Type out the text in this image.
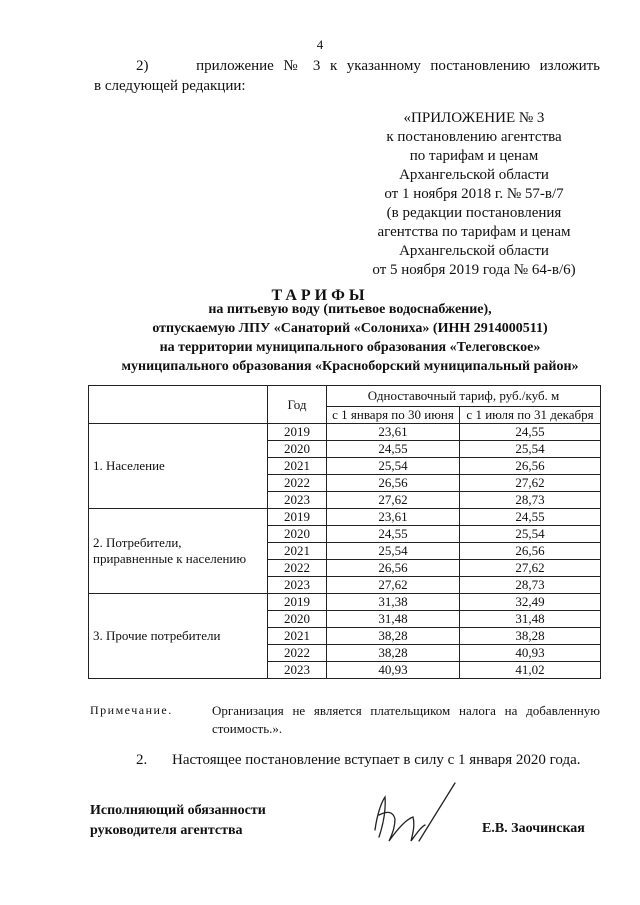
4
2)	приложение № 3 к указанному постановлению изложить
в следующей редакции:
«ПРИЛОЖЕНИЕ № 3
к постановлению агентства
по тарифам и ценам
Архангельской области
от 1 ноября 2018 г. № 57-в/7
(в редакции постановления
агентства по тарифам и ценам
Архангельской области
от 5 ноября 2019 года № 64-в/6)
ТАРИФЫ
на питьевую воду (питьевое водоснабжение),
отпускаемую ЛПУ «Санаторий «Солониха» (ИНН 2914000511)
на территории муниципального образования «Телеговское»
муниципального образования «Красноборский муниципальный район»
	Год	Одноставочный тариф, руб./куб. м	
		с 1 января по 30 июня	с 1 июля по 31 декабря

1. Население	2019	23,61	24,55
	2020	24,55	25,54
	2021	25,54	26,56
	2022	26,56	27,62
	2023	27,62	28,73

2. Потребители,
приравненные к населению	2019	23,61	24,55
	2020	24,55	25,54
	2021	25,54	26,56
	2022	26,56	27,62
	2023	27,62	28,73

3. Прочие потребители	2019	31,38	32,49
	2020	31,48	31,48
	2021	38,28	38,28
	2022	38,28	40,93
	2023	40,93	41,02
Примечание.	Организация не является плательщиком налога на добавленную стоимость.».
2. Настоящее постановление вступает в силу с 1 января 2020 года.
Исполняющий обязанности
руководителя агентства	Е.В. Заочинская
